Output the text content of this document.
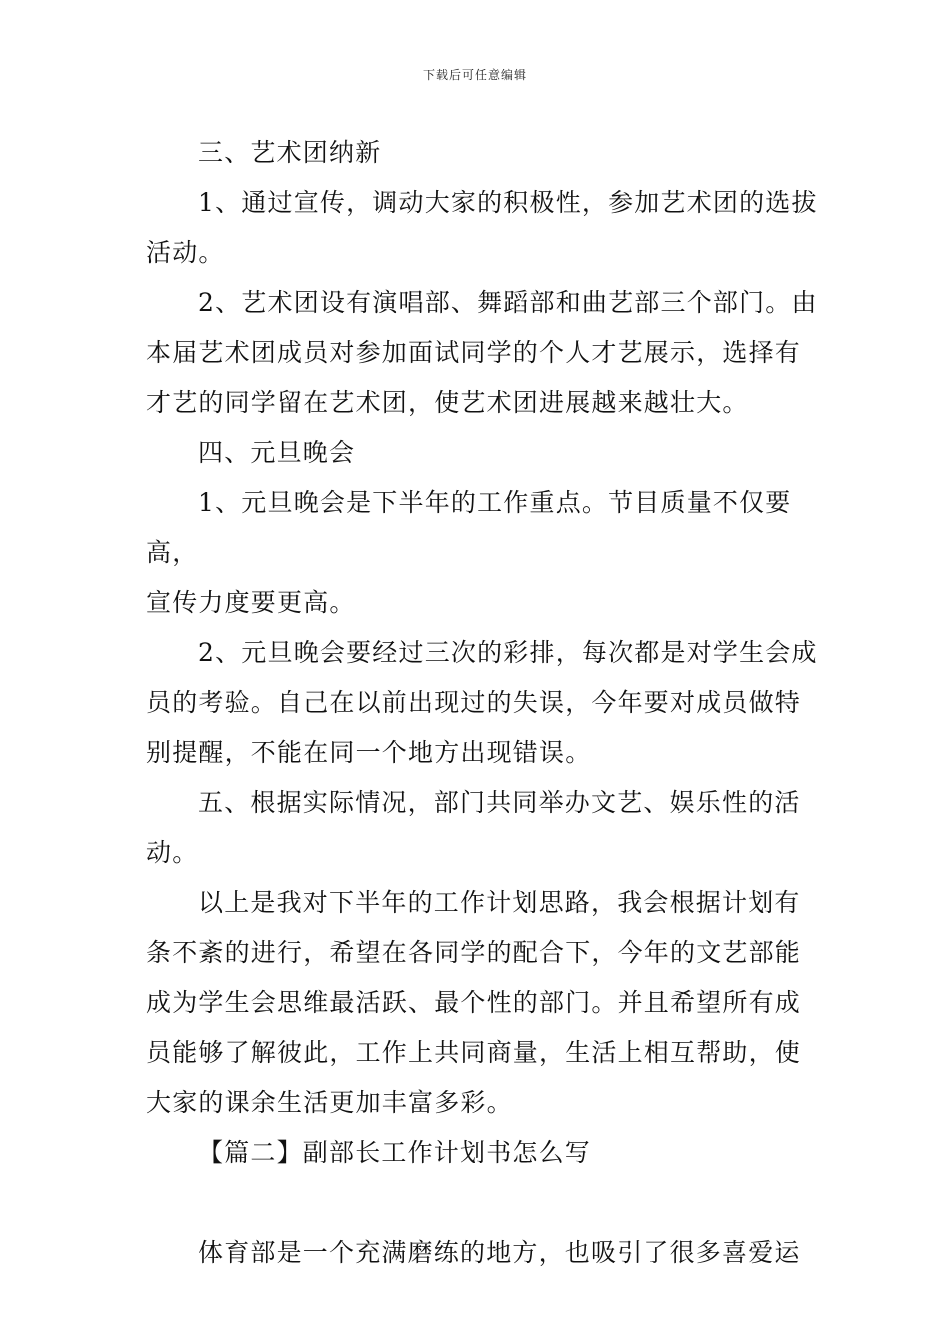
下载后可任意编辑

三、艺术团纳新

1、通过宣传，调动大家的积极性，参加艺术团的选拔
活动。

2、艺术团设有演唱部、舞蹈部和曲艺部三个部门。由
本届艺术团成员对参加面试同学的个人才艺展示，选择有
才艺的同学留在艺术团，使艺术团进展越来越壮大。

四、元旦晚会

1、元旦晚会是下半年的工作重点。节目质量不仅要高，
宣传力度要更高。

2、元旦晚会要经过三次的彩排，每次都是对学生会成
员的考验。自己在以前出现过的失误，今年要对成员做特
别提醒，不能在同一个地方出现错误。

五、根据实际情况，部门共同举办文艺、娱乐性的活
动。

以上是我对下半年的工作计划思路，我会根据计划有
条不紊的进行，希望在各同学的配合下，今年的文艺部能
成为学生会思维最活跃、最个性的部门。并且希望所有成
员能够了解彼此，工作上共同商量，生活上相互帮助，使
大家的课余生活更加丰富多彩。

【篇二】副部长工作计划书怎么写

体育部是一个充满磨练的地方，也吸引了很多喜爱运
